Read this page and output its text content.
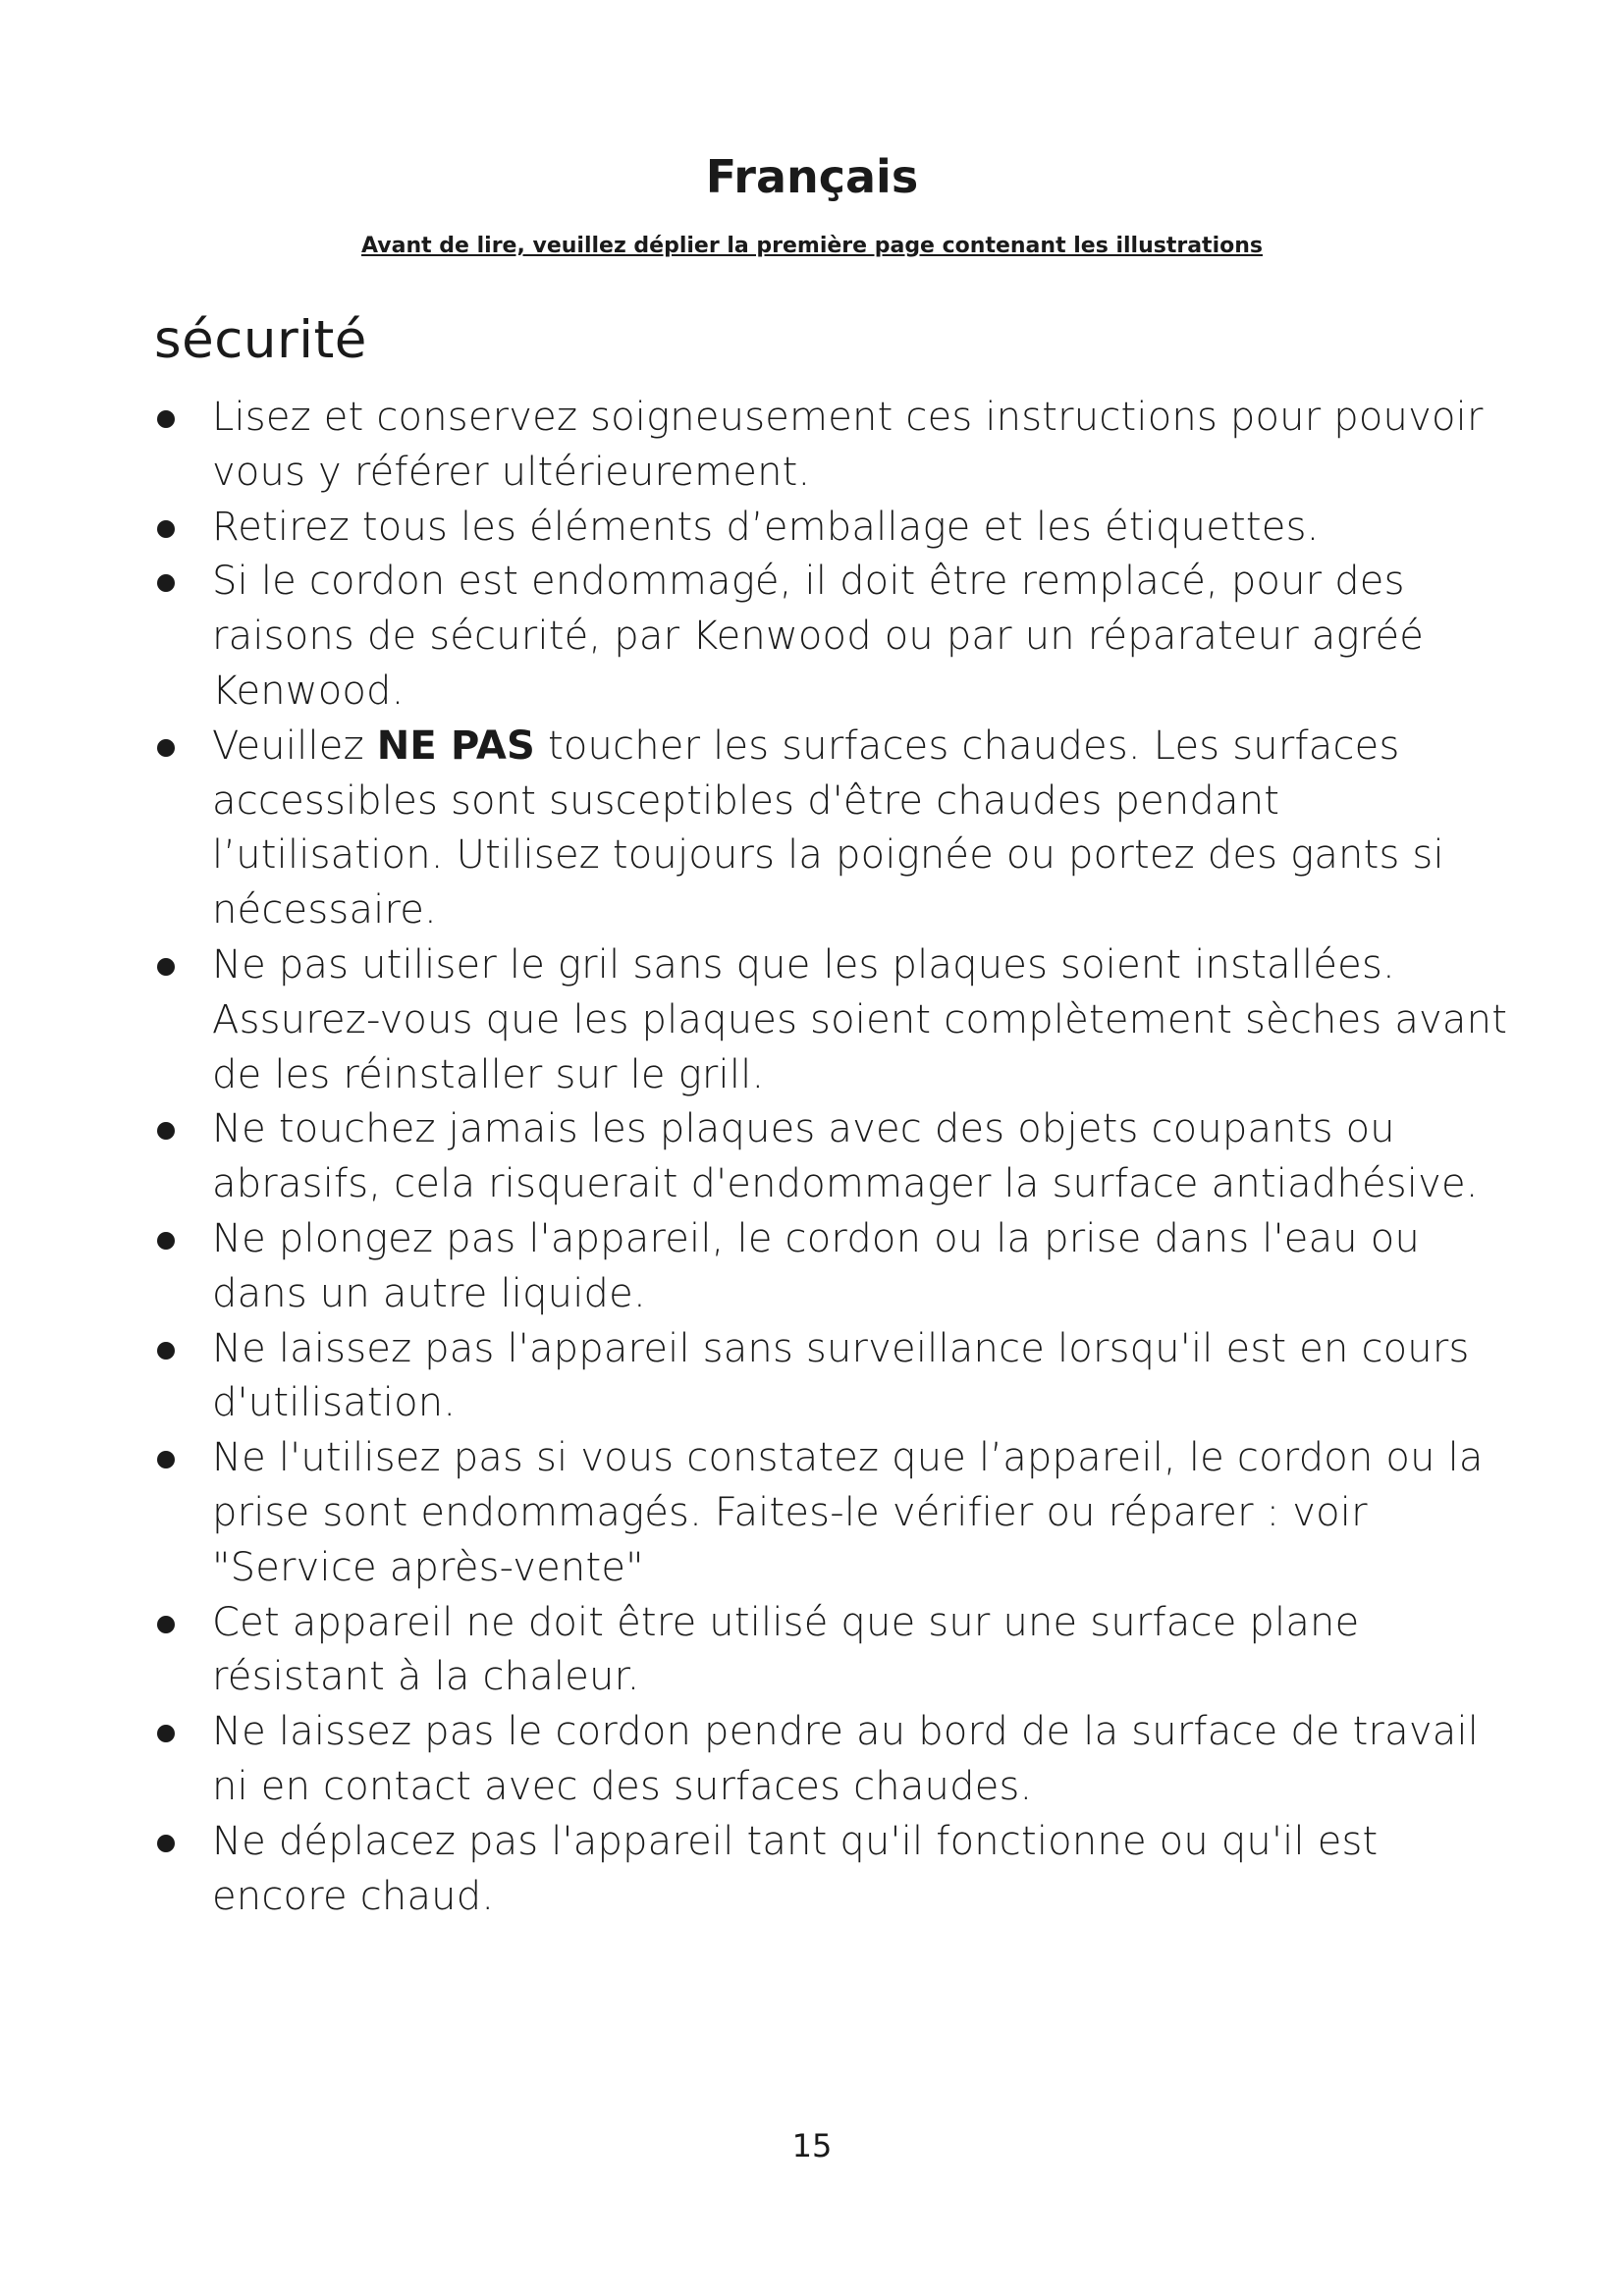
Français
Avant de lire, veuillez déplier la première page contenant les illustrations
sécurité
Lisez et conservez soigneusement ces instructions pour pouvoir vous y référer ultérieurement.
Retirez tous les éléments d’emballage et les étiquettes.
Si le cordon est endommagé, il doit être remplacé, pour des raisons de sécurité, par Kenwood ou par un réparateur agréé Kenwood.
Veuillez NE PAS toucher les surfaces chaudes. Les surfaces accessibles sont susceptibles d'être chaudes pendant l’utilisation. Utilisez toujours la poignée ou portez des gants si nécessaire.
Ne pas utiliser le gril sans que les plaques soient installées. Assurez-vous que les plaques soient complètement sèches avant de les réinstaller sur le grill.
Ne touchez jamais les plaques avec des objets coupants ou abrasifs, cela risquerait d'endommager la surface antiadhésive.
Ne plongez pas l'appareil, le cordon ou la prise dans l'eau ou dans un autre liquide.
Ne laissez pas l'appareil sans surveillance lorsqu'il est en cours d'utilisation.
Ne l'utilisez pas si vous constatez que l’appareil, le cordon ou la prise sont endommagés. Faites-le vérifier ou réparer : voir "Service après-vente"
Cet appareil ne doit être utilisé que sur une surface plane résistant à la chaleur.
Ne laissez pas le cordon pendre au bord de la surface de travail ni en contact avec des surfaces chaudes.
Ne déplacez pas l'appareil tant qu'il fonctionne ou qu'il est encore chaud.
15
